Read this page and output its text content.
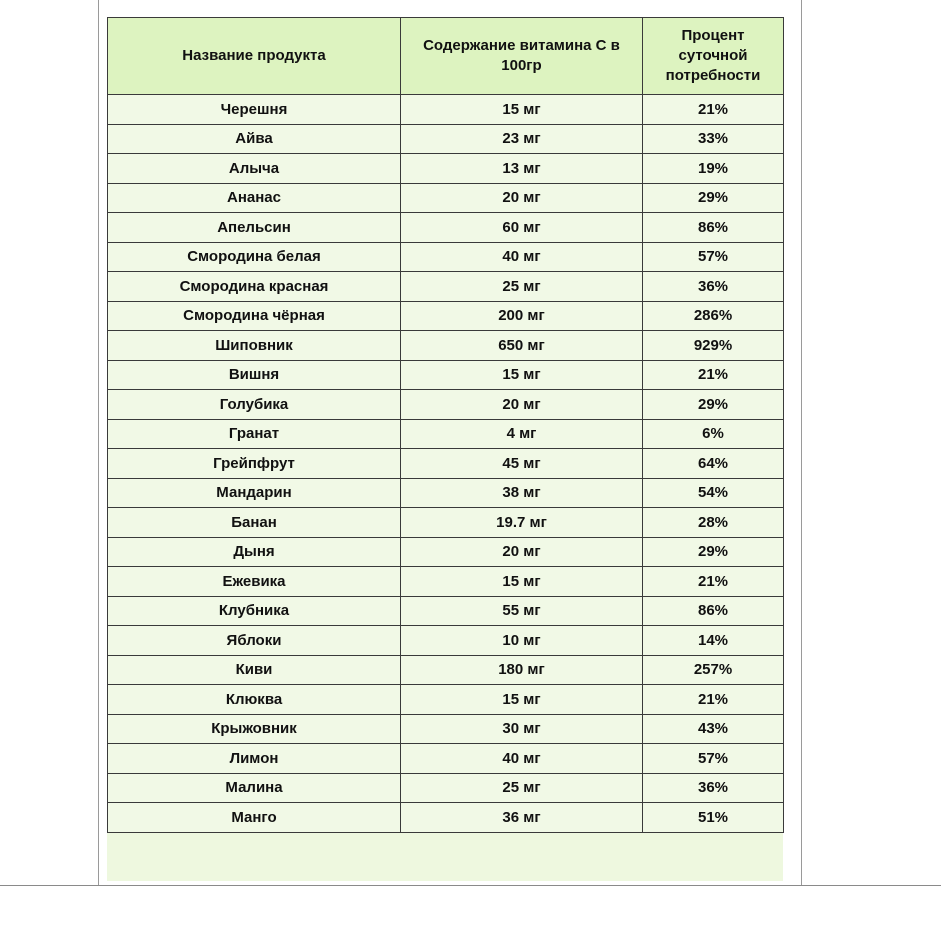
Название продукта	Содержание витамина С в 100гр	Процент суточной потребности
Черешня	15 мг	21%
Айва	23 мг	33%
Алыча	13 мг	19%
Ананас	20 мг	29%
Апельсин	60 мг	86%
Смородина белая	40 мг	57%
Смородина красная	25 мг	36%
Смородина чёрная	200 мг	286%
Шиповник	650 мг	929%
Вишня	15 мг	21%
Голубика	20 мг	29%
Гранат	4 мг	6%
Грейпфрут	45 мг	64%
Мандарин	38 мг	54%
Банан	19.7 мг	28%
Дыня	20 мг	29%
Ежевика	15 мг	21%
Клубника	55 мг	86%
Яблоки	10 мг	14%
Киви	180 мг	257%
Клюква	15 мг	21%
Крыжовник	30 мг	43%
Лимон	40 мг	57%
Малина	25 мг	36%
Манго	36 мг	51%
